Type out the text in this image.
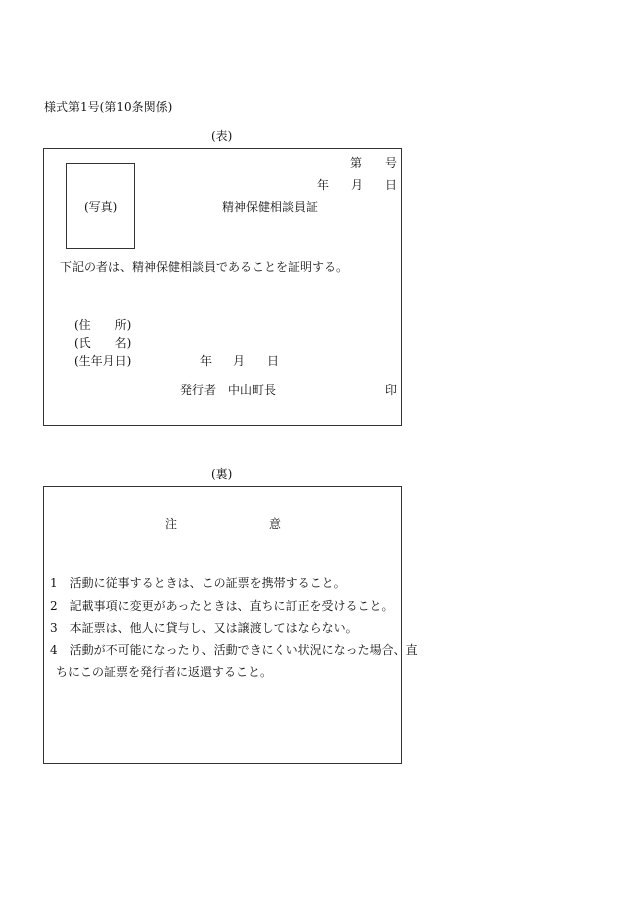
様式第1号(第10条関係)
(表)
第 号
年 月 日
(写真)	精神保健相談員証
下記の者は、精神保健相談員であることを証明する。
(住　　所)
(氏　　名)
(生年月日)	年 月 日
発行者　中山町長	印
(裏)
注	意
1　活動に従事するときは、この証票を携帯すること。
2　記載事項に変更があったときは、直ちに訂正を受けること。
3　本証票は、他人に貸与し、又は譲渡してはならない。
4　活動が不可能になったり、活動できにくい状況になった場合、直
ちにこの証票を発行者に返還すること。
